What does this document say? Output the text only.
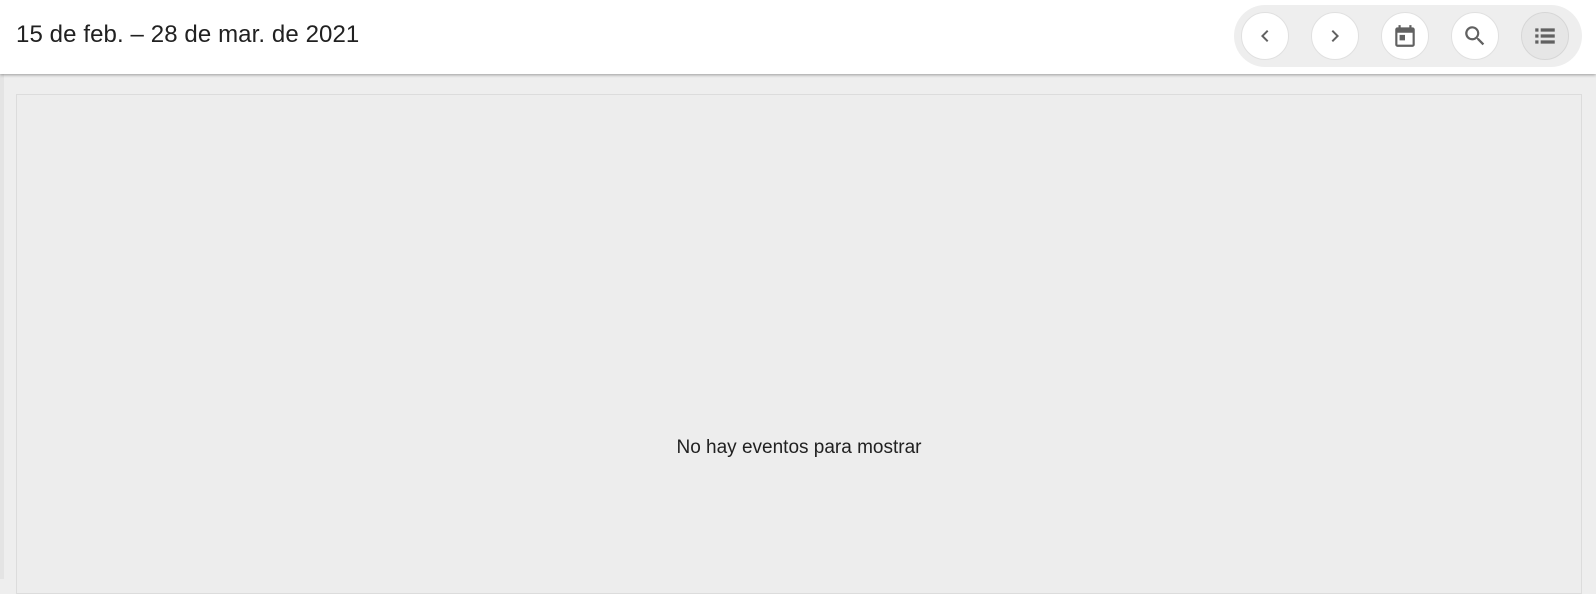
15 de feb. – 28 de mar. de 2021
No hay eventos para mostrar
